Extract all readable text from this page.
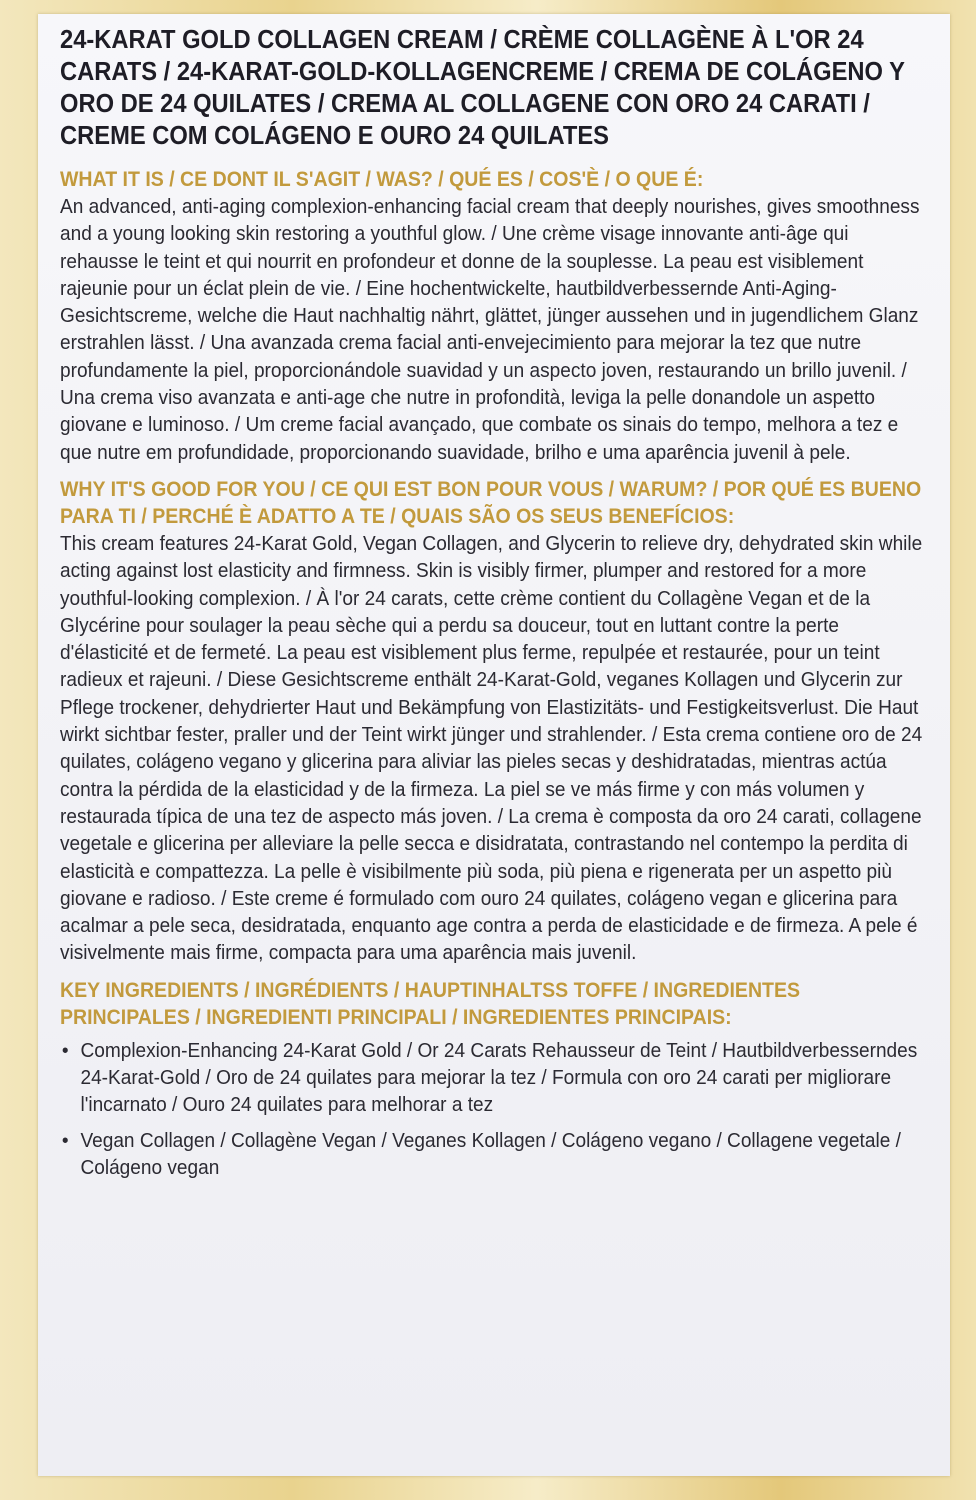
24-KARAT GOLD COLLAGEN CREAM / CRÈME COLLAGÈNE À L'OR 24 CARATS / 24-KARAT-GOLD-KOLLAGENCREME / CREMA DE COLÁGENO Y ORO DE 24 QUILATES / CREMA AL COLLAGENE CON ORO 24 CARATI / CREME COM COLÁGENO E OURO 24 QUILATES
WHAT IT IS / CE DONT IL S'AGIT / WAS? / QUÉ ES / COS'È / O QUE É:

An advanced, anti-aging complexion-enhancing facial cream that deeply nourishes, gives smoothness and a young looking skin restoring a youthful glow. / Une crème visage innovante anti-âge qui rehausse le teint et qui nourrit en profondeur et donne de la souplesse. La peau est visiblement rajeunie pour un éclat plein de vie. / Eine hochentwickelte, hautbildverbessernde Anti-Aging-Gesichtscreme, welche die Haut nachhaltig nährt, glättet, jünger aussehen und in jugendlichem Glanz erstrahlen lässt. / Una avanzada crema facial anti-envejecimiento para mejorar la tez que nutre profundamente la piel, proporcionándole suavidad y un aspecto joven, restaurando un brillo juvenil. / Una crema viso avanzata e anti-age che nutre in profondità, leviga la pelle donandole un aspetto giovane e luminoso. / Um creme facial avançado, que combate os sinais do tempo, melhora a tez e que nutre em profundidade, proporcionando suavidade, brilho e uma aparência juvenil à pele.

WHY IT'S GOOD FOR YOU / CE QUI EST BON POUR VOUS / WARUM? / POR QUÉ ES BUENO PARA TI / PERCHÉ È ADATTO A TE / QUAIS SÃO OS SEUS BENEFÍCIOS:

This cream features 24-Karat Gold, Vegan Collagen, and Glycerin to relieve dry, dehydrated skin while acting against lost elasticity and firmness. Skin is visibly firmer, plumper and restored for a more youthful-looking complexion. / À l'or 24 carats, cette crème contient du Collagène Vegan et de la Glycérine pour soulager la peau sèche qui a perdu sa douceur, tout en luttant contre la perte d'élasticité et de fermeté. La peau est visiblement plus ferme, repulpée et restaurée, pour un teint radieux et rajeuni. / Diese Gesichtscreme enthält 24-Karat-Gold, veganes Kollagen und Glycerin zur Pflege trockener, dehydrierter Haut und Bekämpfung von Elastizitäts- und Festigkeitsverlust. Die Haut wirkt sichtbar fester, praller und der Teint wirkt jünger und strahlender. / Esta crema contiene oro de 24 quilates, colágeno vegano y glicerina para aliviar las pieles secas y deshidratadas, mientras actúa contra la pérdida de la elasticidad y de la firmeza. La piel se ve más firme y con más volumen y restaurada típica de una tez de aspecto más joven. / La crema è composta da oro 24 carati, collagene vegetale e glicerina per alleviare la pelle secca e disidratata, contrastando nel contempo la perdita di elasticità e compattezza. La pelle è visibilmente più soda, più piena e rigenerata per un aspetto più giovane e radioso. / Este creme é formulado com ouro 24 quilates, colágeno vegan e glicerina para acalmar a pele seca, desidratada, enquanto age contra a perda de elasticidade e de firmeza. A pele é visivelmente mais firme, compacta para uma aparência mais juvenil.

KEY INGREDIENTS / INGRÉDIENTS / HAUPTINHALTSS TOFFE / INGREDIENTES PRINCIPALES / INGREDIENTI PRINCIPALI / INGREDIENTES PRINCIPAIS:
• Complexion-Enhancing 24-Karat Gold / Or 24 Carats Rehausseur de Teint / Hautbildverbesserndes 24-Karat-Gold / Oro de 24 quilates para mejorar la tez / Formula con oro 24 carati per migliorare l'incarnato / Ouro 24 quilates para melhorar a tez
• Vegan Collagen / Collagène Vegan / Veganes Kollagen / Colágeno vegano / Collagene vegetale / Colágeno vegan
